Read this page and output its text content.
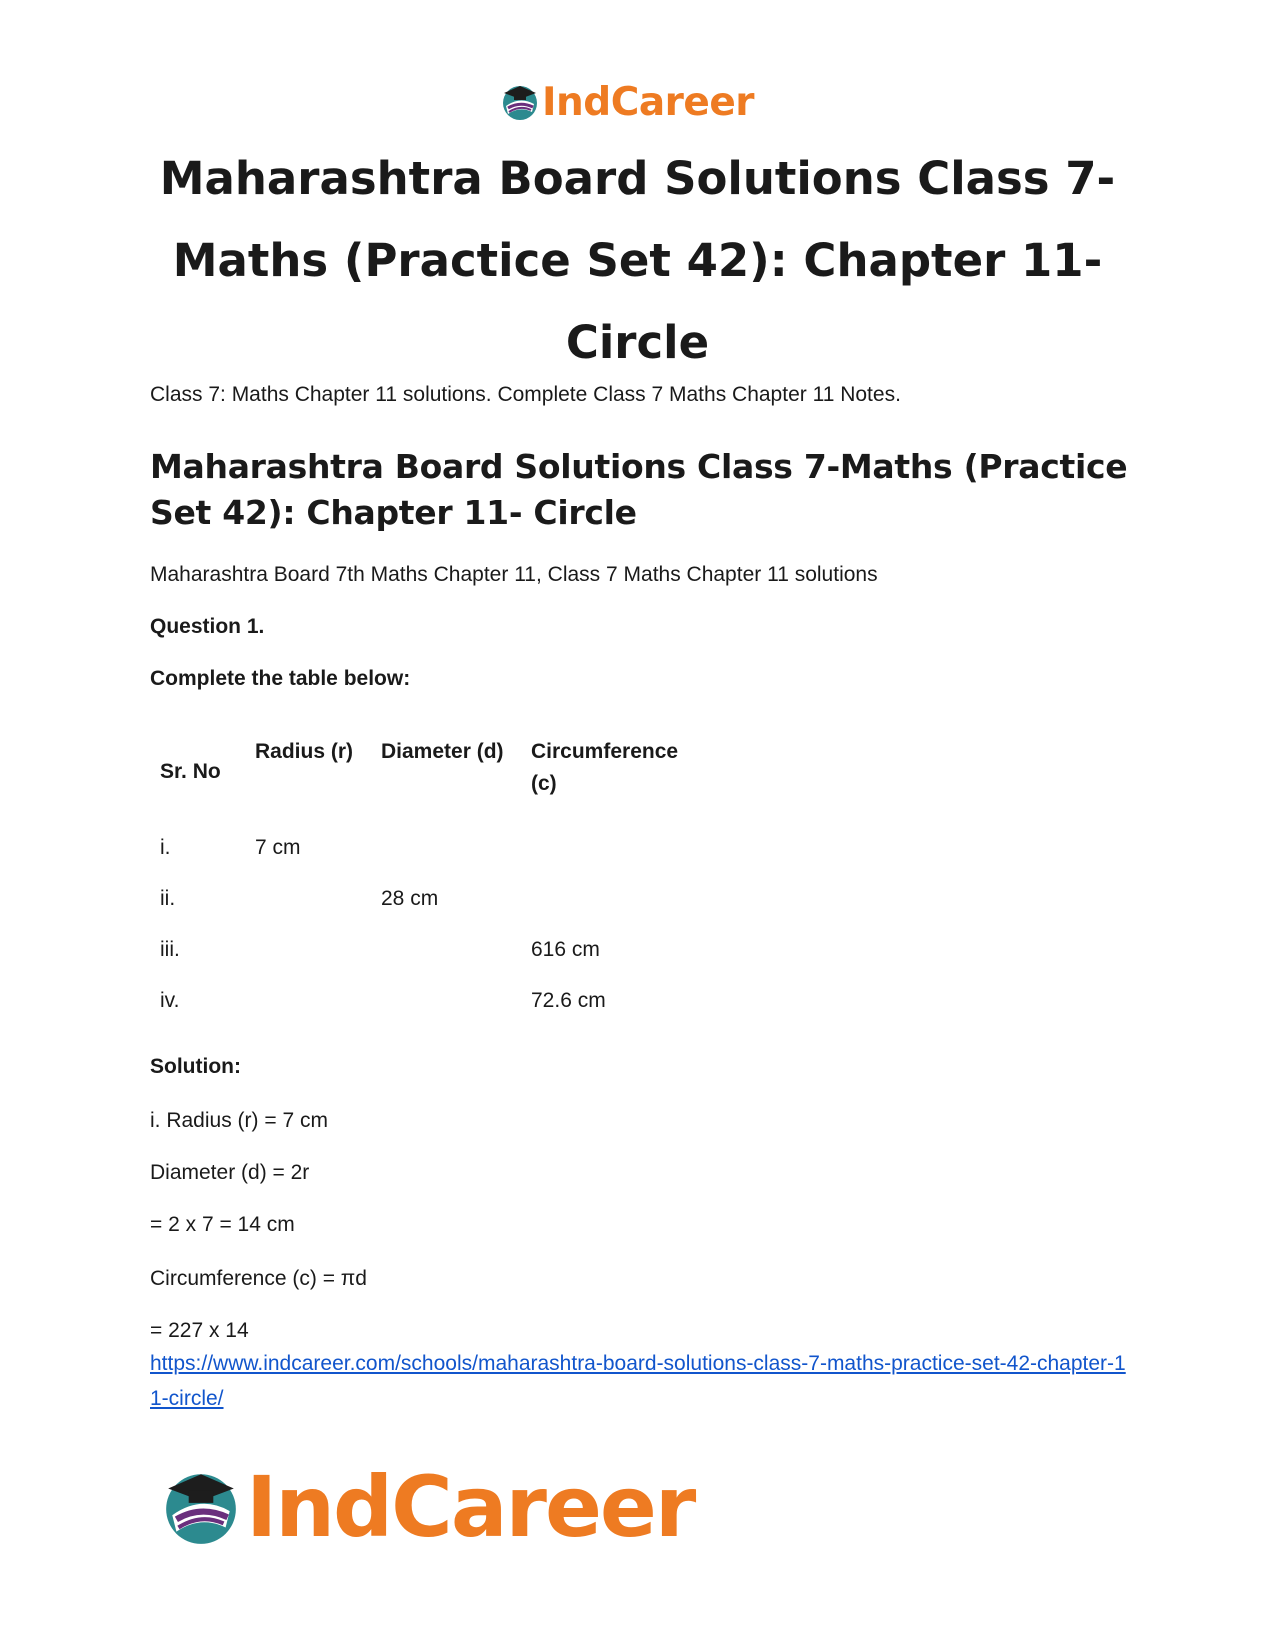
IndCareer
Maharashtra Board Solutions Class 7-Maths (Practice Set 42): Chapter 11- Circle

Class 7: Maths Chapter 11 solutions. Complete Class 7 Maths Chapter 11 Notes.

Maharashtra Board Solutions Class 7-Maths (Practice Set 42): Chapter 11- Circle

Maharashtra Board 7th Maths Chapter 11, Class 7 Maths Chapter 11 solutions

Question 1.

Complete the table below:

Sr. No	Radius (r)	Diameter (d)	Circumference (c)

i.	7 cm		
ii.		28 cm	
iii.			616 cm
iv.			72.6 cm

Solution:

i. Radius (r) = 7 cm

Diameter (d) = 2r

= 2 x 7 = 14 cm

Circumference (c) = πd

= 227 x 14

https://www.indcareer.com/schools/maharashtra-board-solutions-class-7-maths-practice-set-42-chapter-11-circle/
IndCareer
